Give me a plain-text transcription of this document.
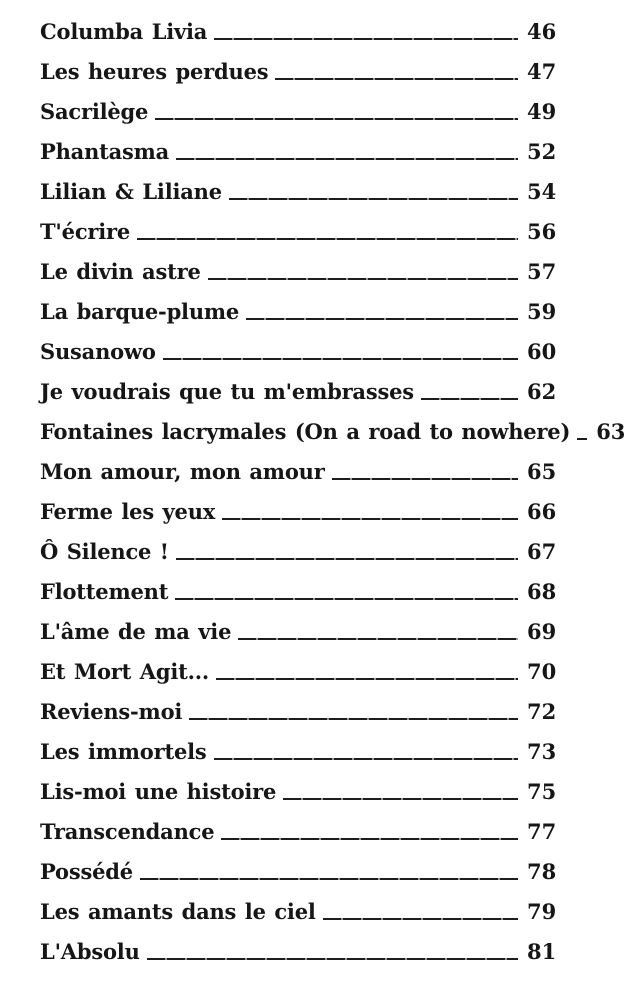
Columba Livia	46
Les heures perdues	47
Sacrilège	49
Phantasma	52
Lilian & Liliane	54
T'écrire	56
Le divin astre	57
La barque-plume	59
Susanowo	60
Je voudrais que tu m'embrasses	62
Fontaines lacrymales (On a road to nowhere) 63
Mon amour, mon amour	65
Ferme les yeux	66
Ô Silence !	67
Flottement	68
L'âme de ma vie	69
Et Mort Agit...	70
Reviens-moi	72
Les immortels	73
Lis-moi une histoire	75
Transcendance	77
Possédé	78
Les amants dans le ciel	79
L'Absolu	81
